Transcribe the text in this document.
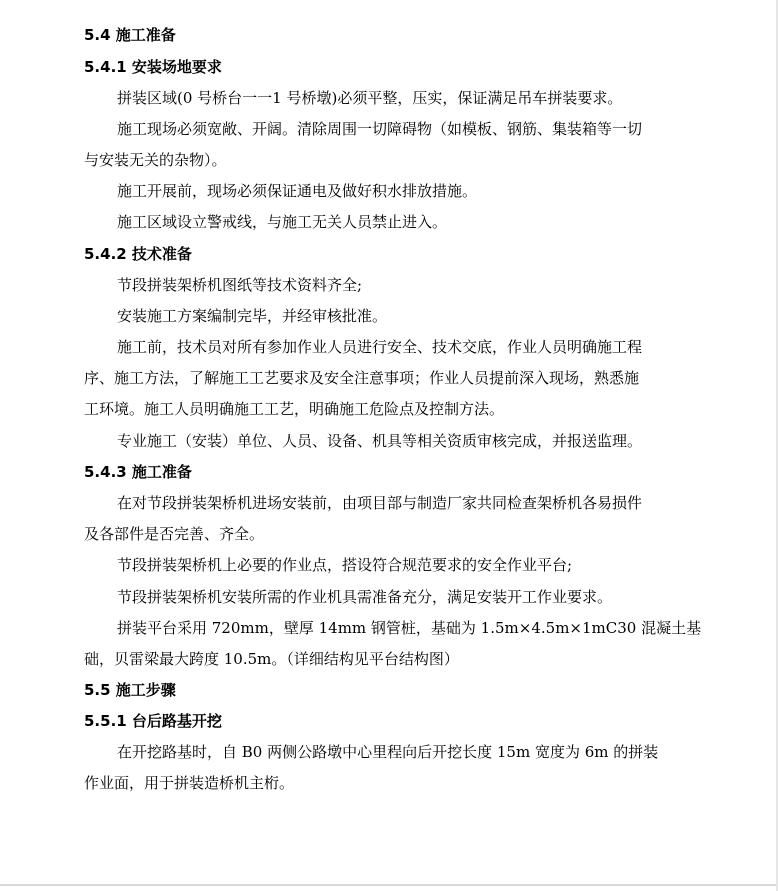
5.4 施工准备
5.4.1 安装场地要求
拼装区域(0 号桥台一一1 号桥墩)必须平整，压实，保证满足吊车拼装要求。
施工现场必须宽敞、开阔。清除周围一切障碍物（如模板、钢筋、集装箱等一切
与安装无关的杂物）。
施工开展前，现场必须保证通电及做好积水排放措施。
施工区域设立警戒线，与施工无关人员禁止进入。
5.4.2 技术准备
节段拼装架桥机图纸等技术资料齐全;
安装施工方案编制完毕，并经审核批准。
施工前，技术员对所有参加作业人员进行安全、技术交底，作业人员明确施工程
序、施工方法，了解施工工艺要求及安全注意事项；作业人员提前深入现场，熟悉施
工环境。施工人员明确施工工艺，明确施工危险点及控制方法。
专业施工（安装）单位、人员、设备、机具等相关资质审核完成，并报送监理。
5.4.3 施工准备
在对节段拼装架桥机进场安装前，由项目部与制造厂家共同检查架桥机各易损件
及各部件是否完善、齐全。
节段拼装架桥机上必要的作业点，搭设符合规范要求的安全作业平台;
节段拼装架桥机安装所需的作业机具需准备充分，满足安装开工作业要求。
拼装平台采用 720mm，壁厚 14mm 钢管桩，基础为 1.5m×4.5m×1mC30 混凝土基
础，贝雷梁最大跨度 10.5m。（详细结构见平台结构图）
5.5 施工步骤
5.5.1 台后路基开挖
在开挖路基时，自 B0 两侧公路墩中心里程向后开挖长度 15m 宽度为 6m 的拼装
作业面，用于拼装造桥机主桁。
